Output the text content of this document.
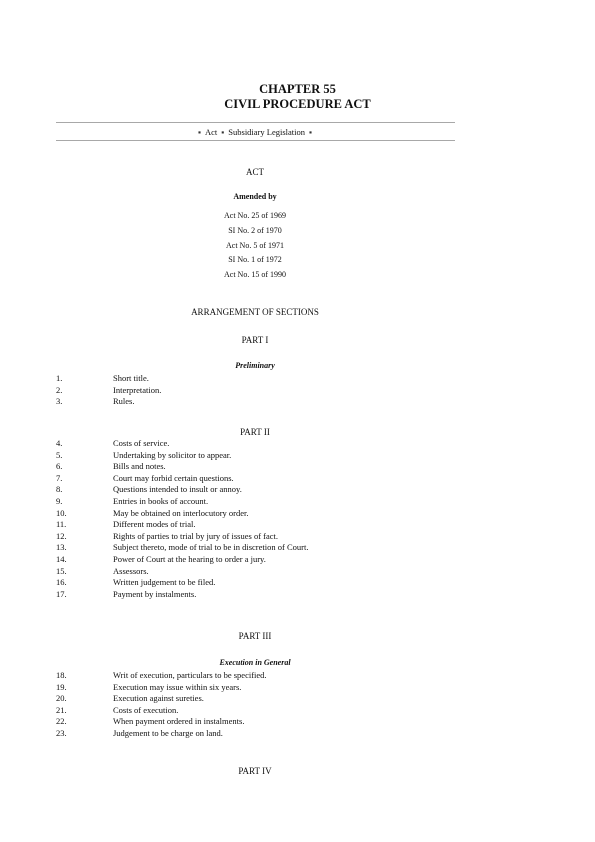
CHAPTER 55
CIVIL PROCEDURE ACT
▪ Act ▪ Subsidiary Legislation ▪
ACT
Amended by
Act No. 25 of 1969
SI No. 2 of 1970
Act No. 5 of 1971
SI No. 1 of 1972
Act No. 15 of 1990
ARRANGEMENT OF SECTIONS
PART I
Preliminary
1.	Short title.
2.	Interpretation.
3.	Rules.
PART II
4.	Costs of service.
5.	Undertaking by solicitor to appear.
6.	Bills and notes.
7.	Court may forbid certain questions.
8.	Questions intended to insult or annoy.
9.	Entries in books of account.
10.	May be obtained on interlocutory order.
11.	Different modes of trial.
12.	Rights of parties to trial by jury of issues of fact.
13.	Subject thereto, mode of trial to be in discretion of Court.
14.	Power of Court at the hearing to order a jury.
15.	Assessors.
16.	Written judgement to be filed.
17.	Payment by instalments.
PART III
Execution in General
18.	Writ of execution, particulars to be specified.
19.	Execution may issue within six years.
20.	Execution against sureties.
21.	Costs of execution.
22.	When payment ordered in instalments.
23.	Judgement to be charge on land.
PART IV
